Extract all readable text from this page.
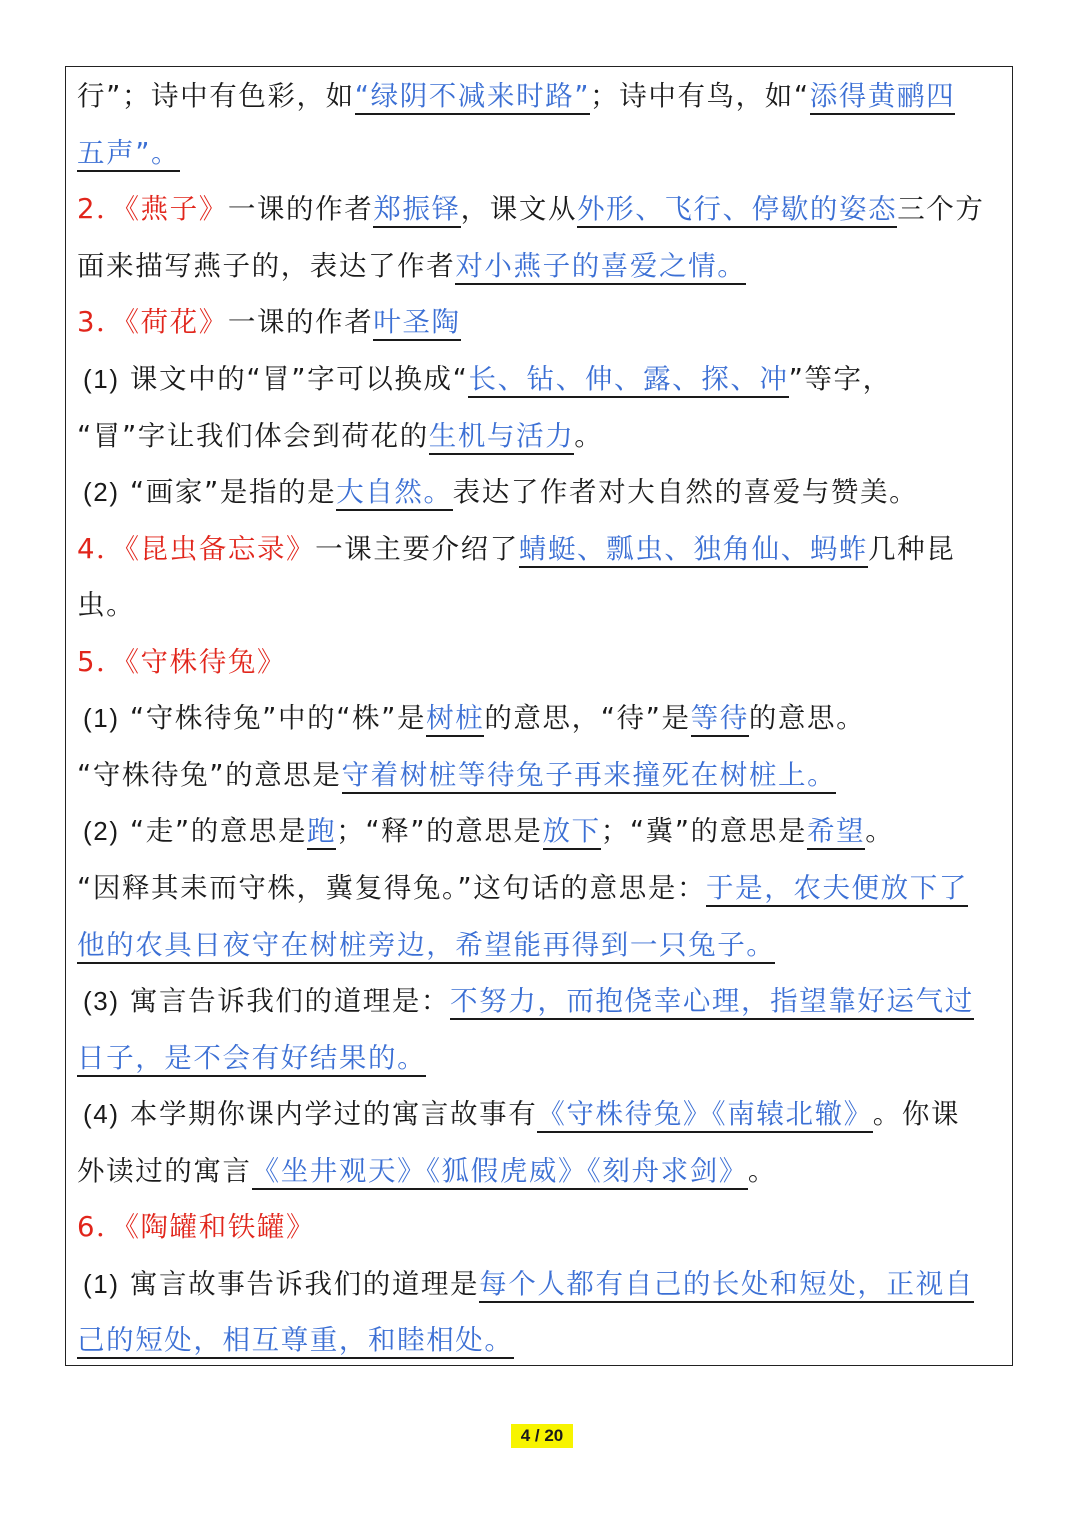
行”；诗中有色彩，如“绿阴不减来时路”；诗中有鸟，如“添得黄鹂四
五声”。
2．《燕子》一课的作者郑振铎，课文从外形、飞行、停歇的姿态三个方
面来描写燕子的，表达了作者对小燕子的喜爱之情。
3．《荷花》一课的作者叶圣陶
(1) 课文中的“冒”字可以换成“长、钻、伸、露、探、冲”等字，
“冒”字让我们体会到荷花的生机与活力。
(2) “画家”是指的是大自然。表达了作者对大自然的喜爱与赞美。
4．《昆虫备忘录》一课主要介绍了蜻蜓、瓢虫、独角仙、蚂蚱几种昆
虫。
5．《守株待兔》
(1) “守株待兔”中的“株”是树桩的意思，“待”是等待的意思。
“守株待兔”的意思是守着树桩等待兔子再来撞死在树桩上。
(2) “走”的意思是跑；“释”的意思是放下；“冀”的意思是希望。
“因释其耒而守株，冀复得兔。”这句话的意思是：于是，农夫便放下了
他的农具日夜守在树桩旁边，希望能再得到一只兔子。
(3) 寓言告诉我们的道理是：不努力，而抱侥幸心理，指望靠好运气过
日子，是不会有好结果的。
(4) 本学期你课内学过的寓言故事有《守株待兔》《南辕北辙》。你课
外读过的寓言《坐井观天》《狐假虎威》《刻舟求剑》。
6．《陶罐和铁罐》
(1) 寓言故事告诉我们的道理是每个人都有自己的长处和短处，正视自
己的短处，相互尊重，和睦相处。
4 / 20
